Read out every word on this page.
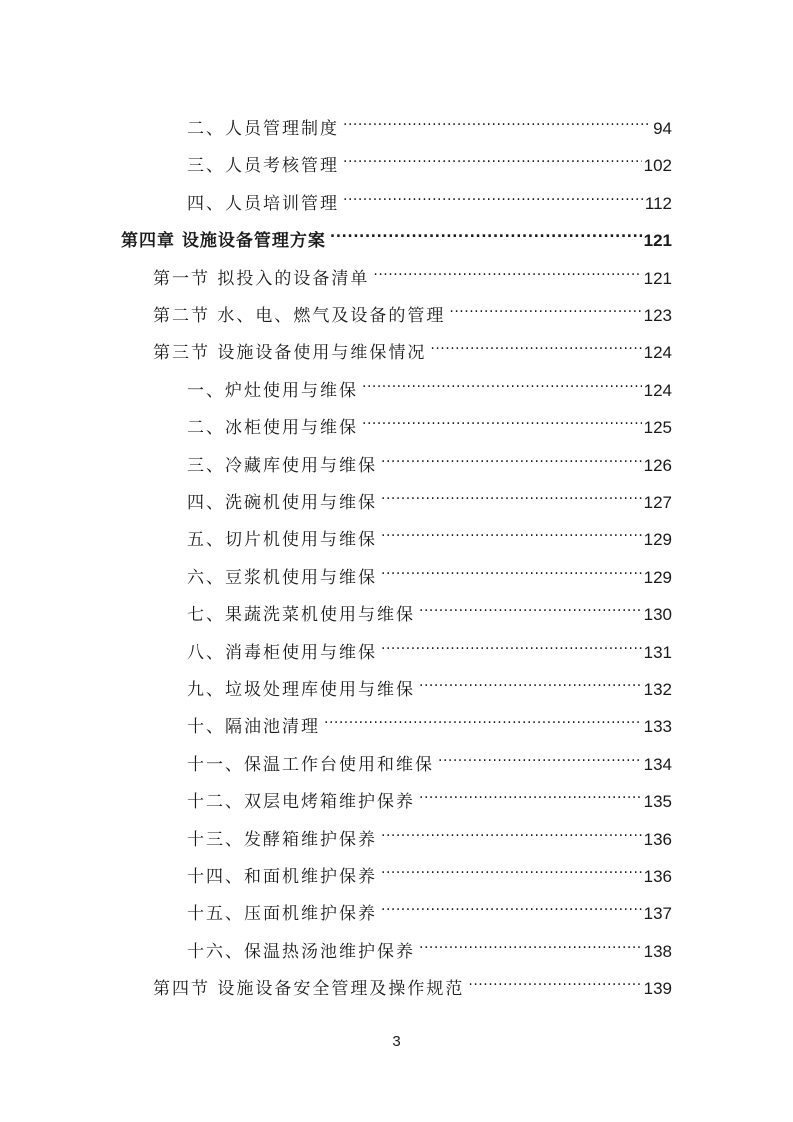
二、人员管理制度 .....	94
三、人员考核管理 .....	102
四、人员培训管理 .....	112
第四章 设施设备管理方案 .....	121
第一节 拟投入的设备清单 .....	121
第二节 水、电、燃气及设备的管理 .....	123
第三节 设施设备使用与维保情况 .....	124
一、炉灶使用与维保 .....	124
二、冰柜使用与维保 .....	125
三、冷藏库使用与维保 .....	126
四、洗碗机使用与维保 .....	127
五、切片机使用与维保 .....	129
六、豆浆机使用与维保 .....	129
七、果蔬洗菜机使用与维保 .....	130
八、消毒柜使用与维保 .....	131
九、垃圾处理库使用与维保 .....	132
十、隔油池清理 .....	133
十一、保温工作台使用和维保 .....	134
十二、双层电烤箱维护保养 .....	135
十三、发酵箱维护保养 .....	136
十四、和面机维护保养 .....	136
十五、压面机维护保养 .....	137
十六、保温热汤池维护保养 .....	138
第四节 设施设备安全管理及操作规范 .....	139
3
